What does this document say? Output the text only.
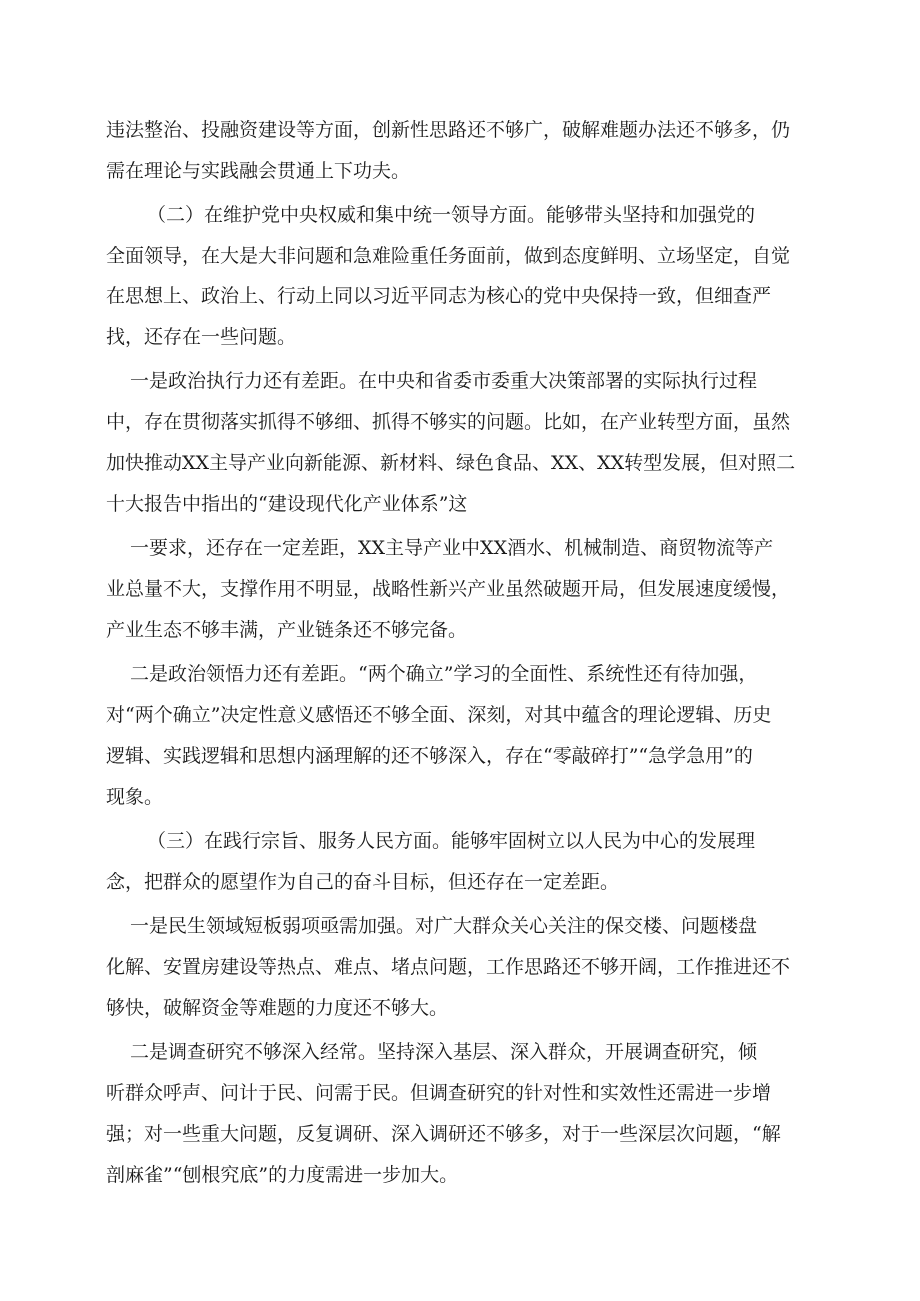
违法整治、投融资建设等方面，创新性思路还不够广，破解难题办法还不够多，仍

需在理论与实践融会贯通上下功夫。

（二）在维护党中央权威和集中统一领导方面。能够带头坚持和加强党的

全面领导，在大是大非问题和急难险重任务面前，做到态度鲜明、立场坚定，自觉

在思想上、政治上、行动上同以习近平同志为核心的党中央保持一致，但细查严

找，还存在一些问题。

一是政治执行力还有差距。在中央和省委市委重大决策部署的实际执行过程

中，存在贯彻落实抓得不够细、抓得不够实的问题。比如，在产业转型方面，虽然

加快推动XX主导产业向新能源、新材料、绿色食品、XX、XX转型发展，但对照二

十大报告中指出的“建设现代化产业体系”这

一要求，还存在一定差距，XX主导产业中XX酒水、机械制造、商贸物流等产

业总量不大，支撑作用不明显，战略性新兴产业虽然破题开局，但发展速度缓慢，

产业生态不够丰满，产业链条还不够完备。

二是政治领悟力还有差距。“两个确立”学习的全面性、系统性还有待加强，

对“两个确立”决定性意义感悟还不够全面、深刻，对其中蕴含的理论逻辑、历史

逻辑、实践逻辑和思想内涵理解的还不够深入，存在“零敲碎打”“急学急用”的

现象。

（三）在践行宗旨、服务人民方面。能够牢固树立以人民为中心的发展理

念，把群众的愿望作为自己的奋斗目标，但还存在一定差距。

一是民生领域短板弱项亟需加强。对广大群众关心关注的保交楼、问题楼盘

化解、安置房建设等热点、难点、堵点问题，工作思路还不够开阔，工作推进还不

够快，破解资金等难题的力度还不够大。

二是调查研究不够深入经常。坚持深入基层、深入群众，开展调查研究，倾

听群众呼声、问计于民、问需于民。但调查研究的针对性和实效性还需进一步增

强；对一些重大问题，反复调研、深入调研还不够多，对于一些深层次问题，“解

剖麻雀”“刨根究底”的力度需进一步加大。
